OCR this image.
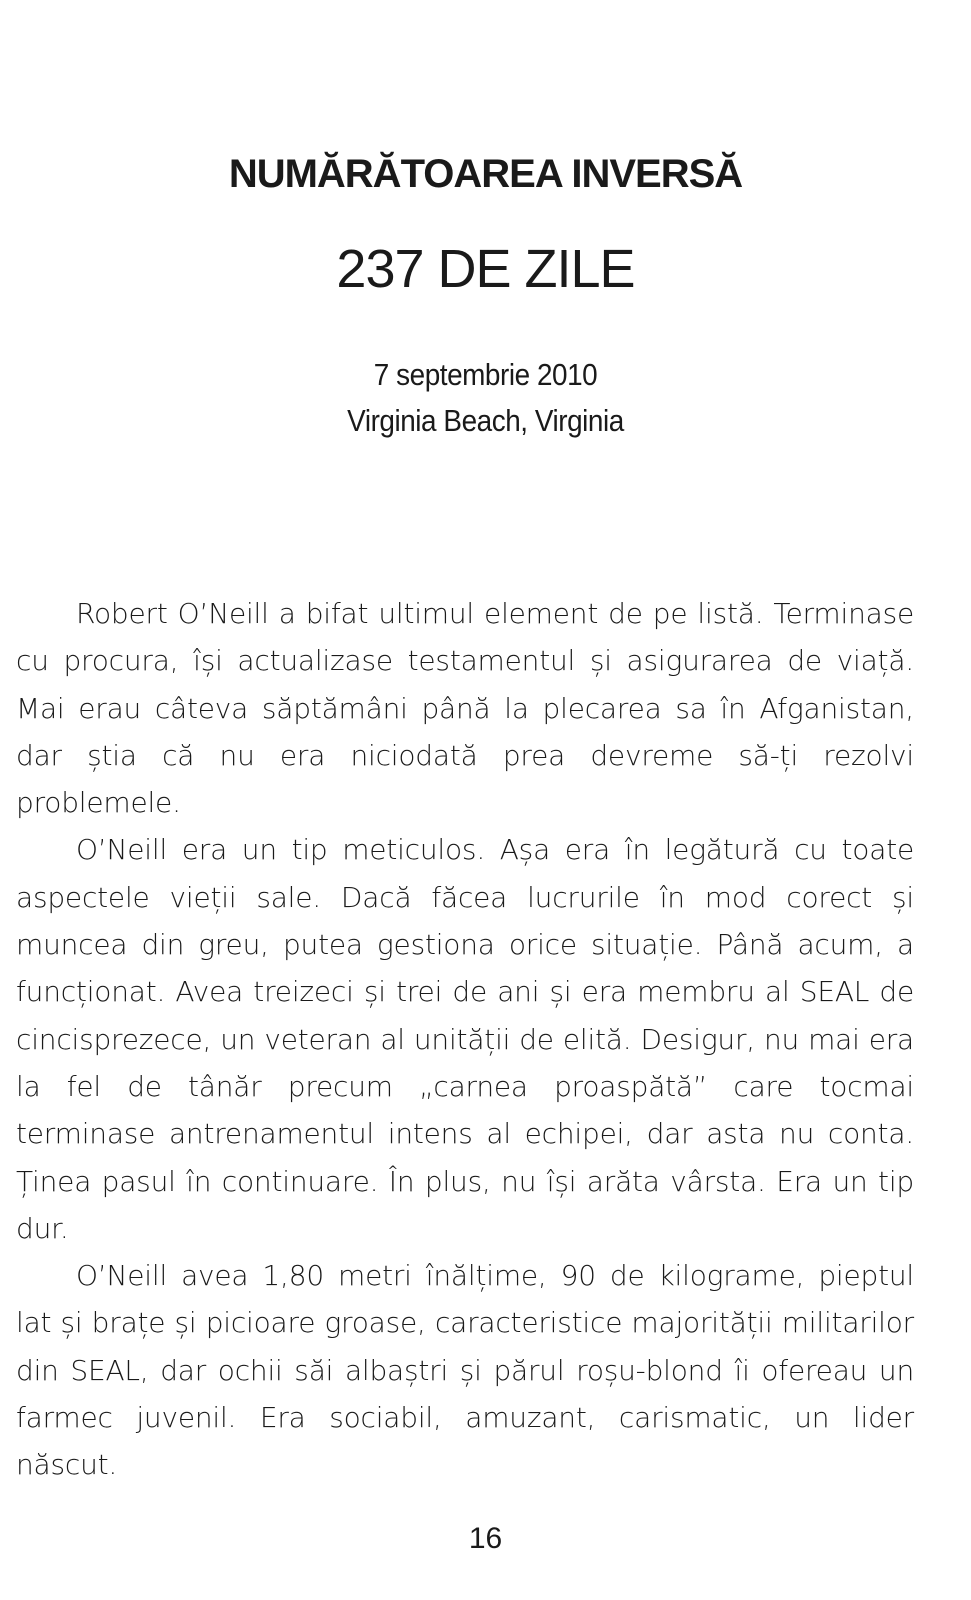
NUMĂRĂTOAREA INVERSĂ
237 DE ZILE
7 septembrie 2010
Virginia Beach, Virginia

Robert O’Neill a bifat ultimul element de pe listă. Terminase cu procura, își actualizase testamentul și asigurarea de viață. Mai erau câteva săptămâni până la plecarea sa în Afganistan, dar știa că nu era niciodată prea devreme să-ți rezolvi problemele.

O’Neill era un tip meticulos. Așa era în legătură cu toate aspectele vieții sale. Dacă făcea lucrurile în mod corect și muncea din greu, putea gestiona orice situație. Până acum, a funcționat. Avea treizeci și trei de ani și era membru al SEAL de cincisprezece, un veteran al unității de elită. Desigur, nu mai era la fel de tânăr precum „carnea proaspătă” care tocmai terminase antrenamentul intens al echipei, dar asta nu conta. Ținea pasul în continuare. În plus, nu își arăta vârsta. Era un tip dur.

O’Neill avea 1,80 metri înălțime, 90 de kilograme, pieptul lat și brațe și picioare groase, caracteristice majorității militarilor din SEAL, dar ochii săi albaștri și părul roșu-blond îi ofereau un farmec juvenil. Era sociabil, amuzant, carismatic, un lider născut.

16
